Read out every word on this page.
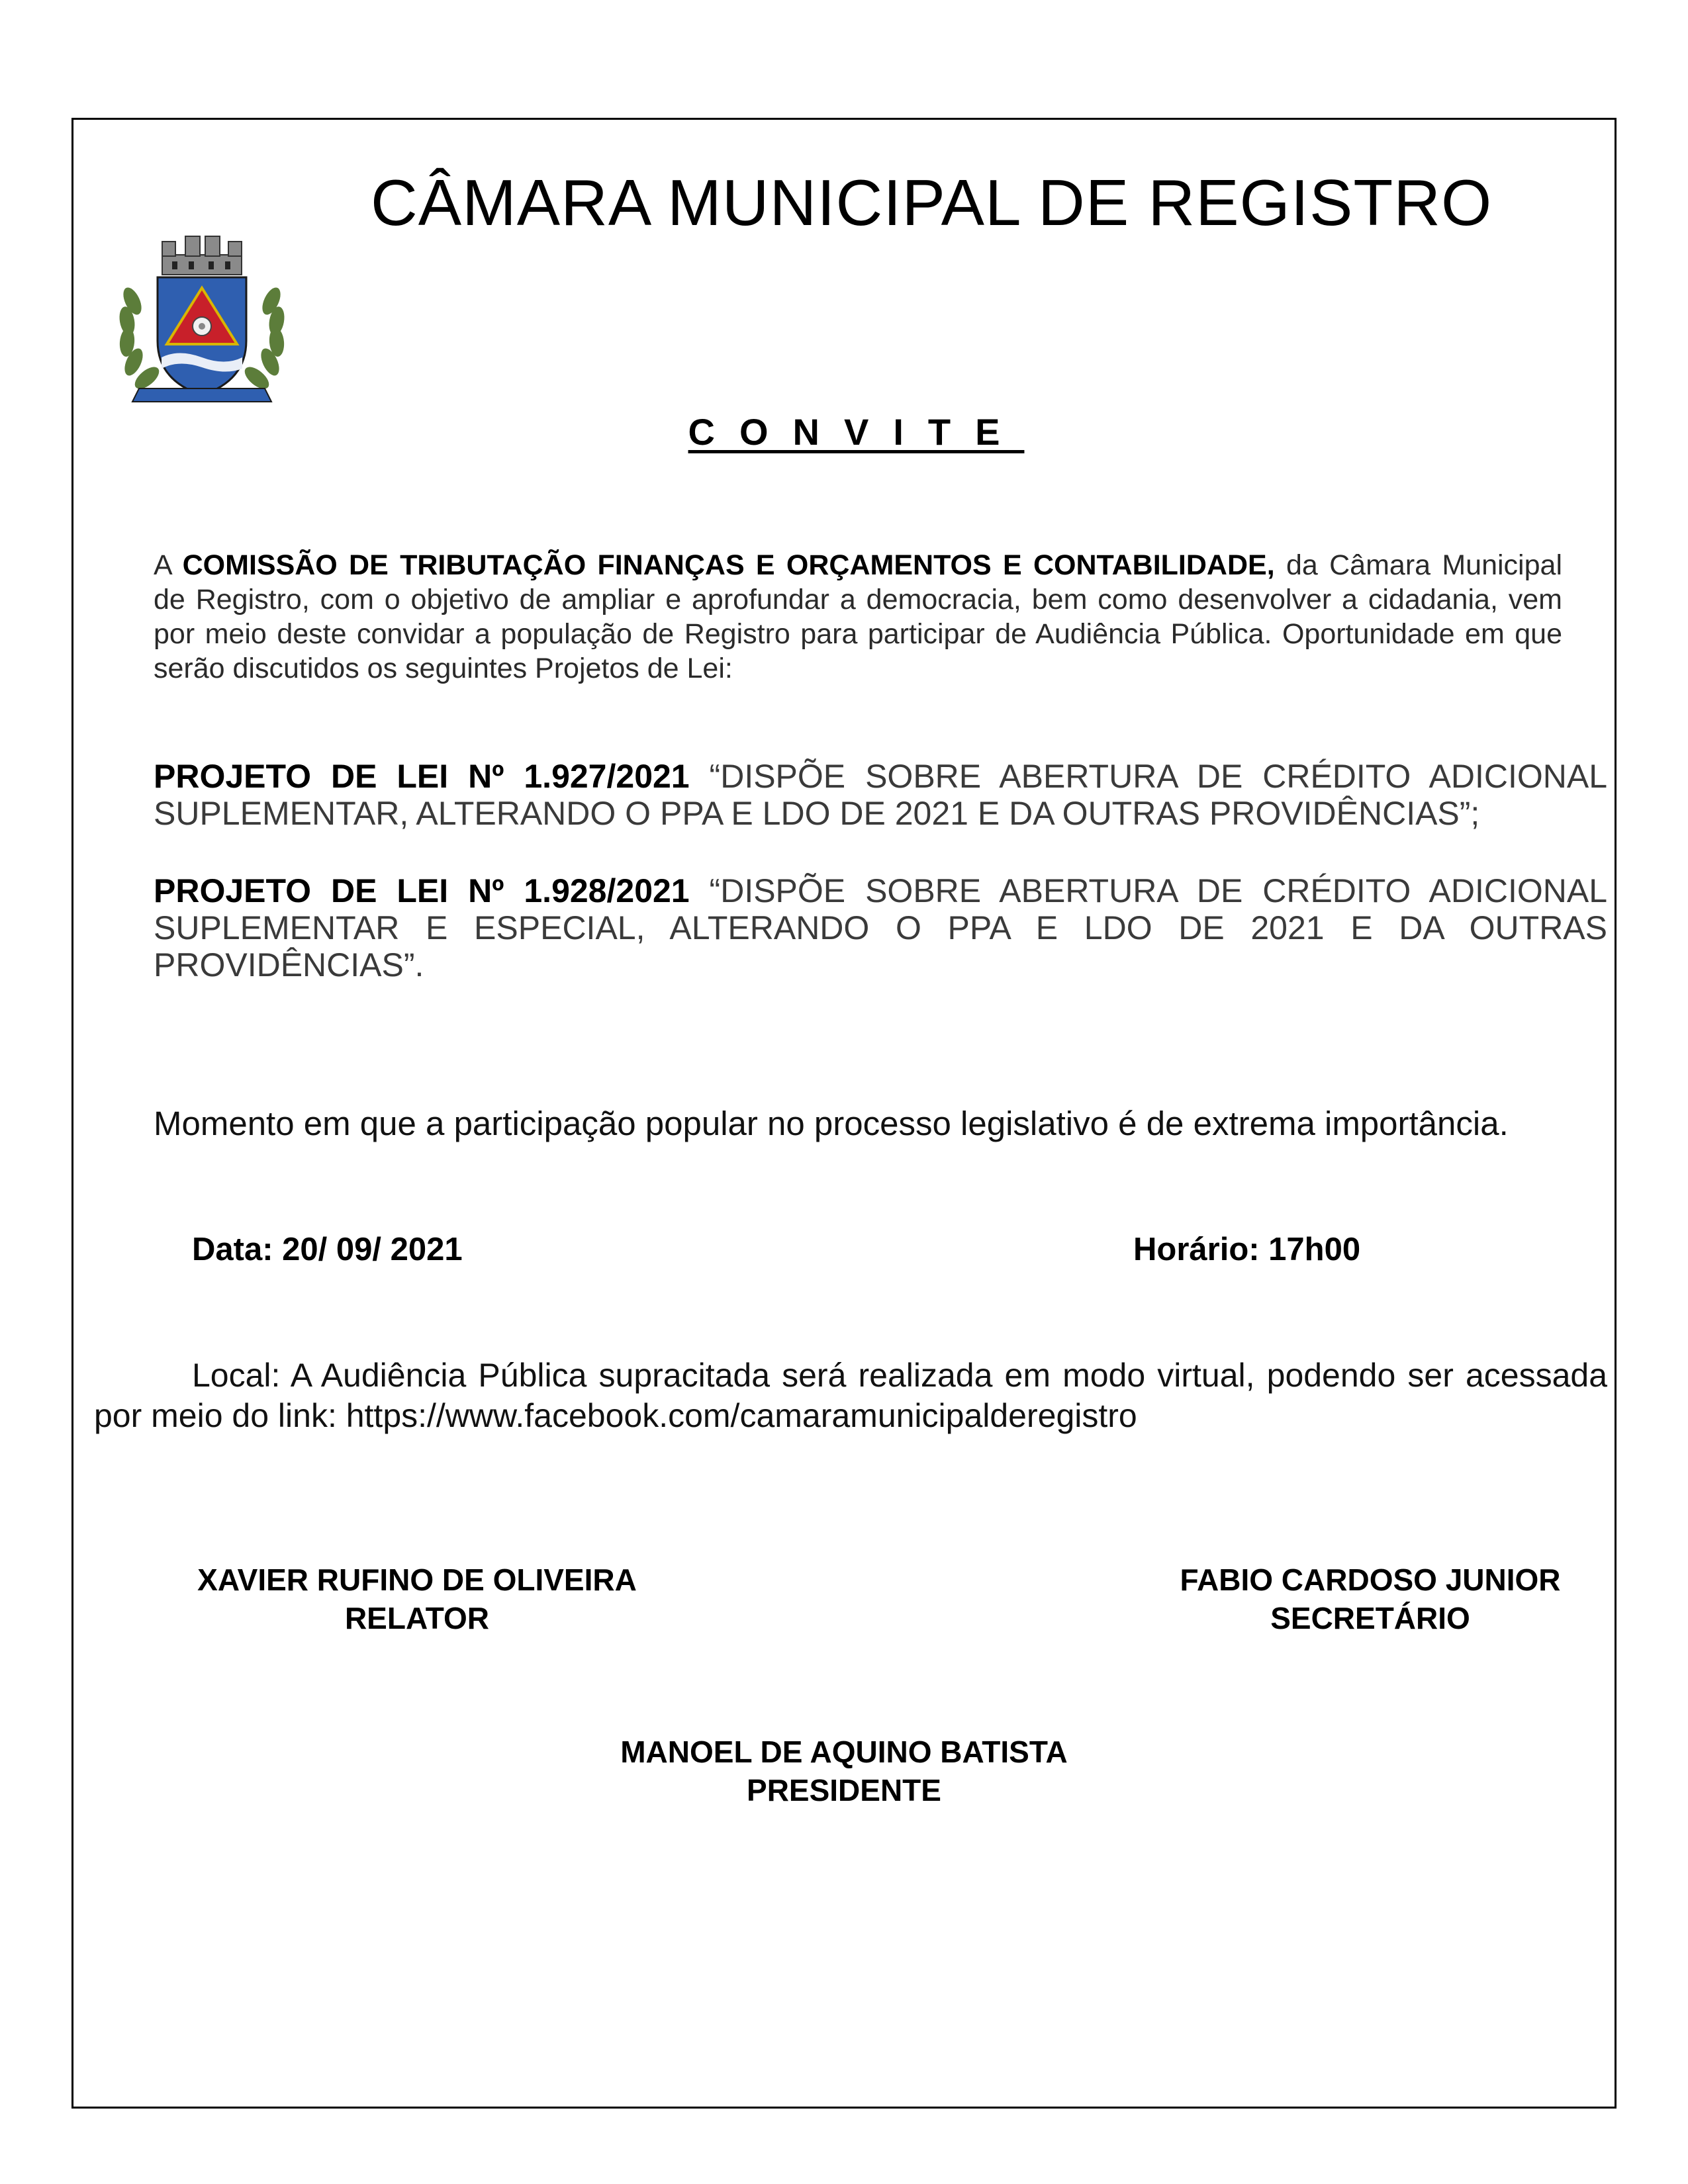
CÂMARA MUNICIPAL DE REGISTRO
CONVITE
A COMISSÃO DE TRIBUTAÇÃO FINANÇAS E ORÇAMENTOS E CONTABILIDADE, da Câmara Municipal de Registro, com o objetivo de ampliar e aprofundar a democracia, bem como desenvolver a cidadania, vem por meio deste convidar a população de Registro para participar de Audiência Pública. Oportunidade em que serão discutidos os seguintes Projetos de Lei:
PROJETO DE LEI Nº 1.927/2021 “DISPÕE SOBRE ABERTURA DE CRÉDITO ADICIONAL SUPLEMENTAR, ALTERANDO O PPA E LDO DE 2021 E DA OUTRAS PROVIDÊNCIAS”;
PROJETO DE LEI Nº 1.928/2021 “DISPÕE SOBRE ABERTURA DE CRÉDITO ADICIONAL SUPLEMENTAR E ESPECIAL, ALTERANDO O PPA E LDO DE 2021 E DA OUTRAS PROVIDÊNCIAS”.
Momento em que a participação popular no processo legislativo é de extrema importância.
Data: 20/ 09/ 2021	Horário: 17h00
Local: A Audiência Pública supracitada será realizada em modo virtual, podendo ser acessada por meio do link: https://www.facebook.com/camaramunicipalderegistro
XAVIER RUFINO DE OLIVEIRA
RELATOR
FABIO CARDOSO JUNIOR
SECRETÁRIO
MANOEL DE AQUINO BATISTA
PRESIDENTE
